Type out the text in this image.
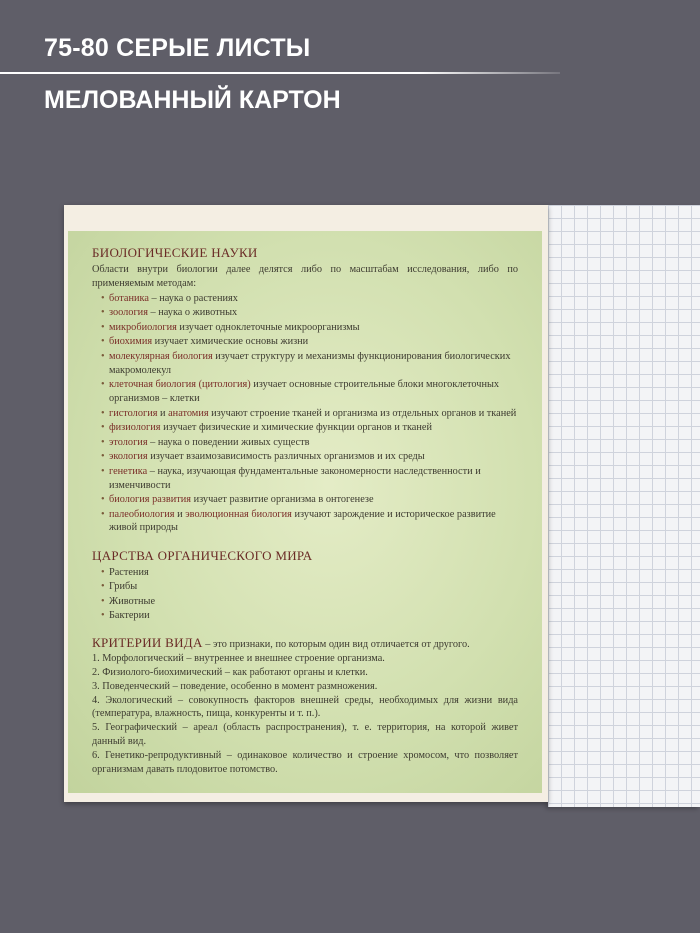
75-80 СЕРЫЕ ЛИСТЫ
МЕЛОВАННЫЙ КАРТОН
БИОЛОГИЧЕСКИЕ НАУКИ
Области внутри биологии далее делятся либо по масштабам исследования, либо по применяемым методам:
• ботаника – наука о растениях
• зоология – наука о животных
• микробиология изучает одноклеточные микроорганизмы
• биохимия изучает химические основы жизни
• молекулярная биология изучает структуру и механизмы функционирования биологических макромолекул
• клеточная биология (цитология) изучает основные строительные блоки многоклеточных организмов – клетки
• гистология и анатомия изучают строение тканей и организма из отдельных органов и тканей
• физиология изучает физические и химические функции органов и тканей
• этология – наука о поведении живых существ
• экология изучает взаимозависимость различных организмов и их среды
• генетика – наука, изучающая фундаментальные закономерности наследственности и изменчивости
• биология развития изучает развитие организма в онтогенезе
• палеобиология и эволюционная биология изучают зарождение и историческое развитие живой природы
ЦАРСТВА ОРГАНИЧЕСКОГО МИРА
• Растения
• Грибы
• Животные
• Бактерии
КРИТЕРИИ ВИДА – это признаки, по которым один вид отличается от другого.
1. Морфологический – внутреннее и внешнее строение организма.
2. Физиолого-биохимический – как работают органы и клетки.
3. Поведенческий – поведение, особенно в момент размножения.
4. Экологический – совокупность факторов внешней среды, необходимых для жизни вида (температура, влажность, пища, конкуренты и т. п.).
5. Географический – ареал (область распространения), т. е. территория, на которой живет данный вид.
6. Генетико-репродуктивный – одинаковое количество и строение хромосом, что позволяет организмам давать плодовитое потомство.
